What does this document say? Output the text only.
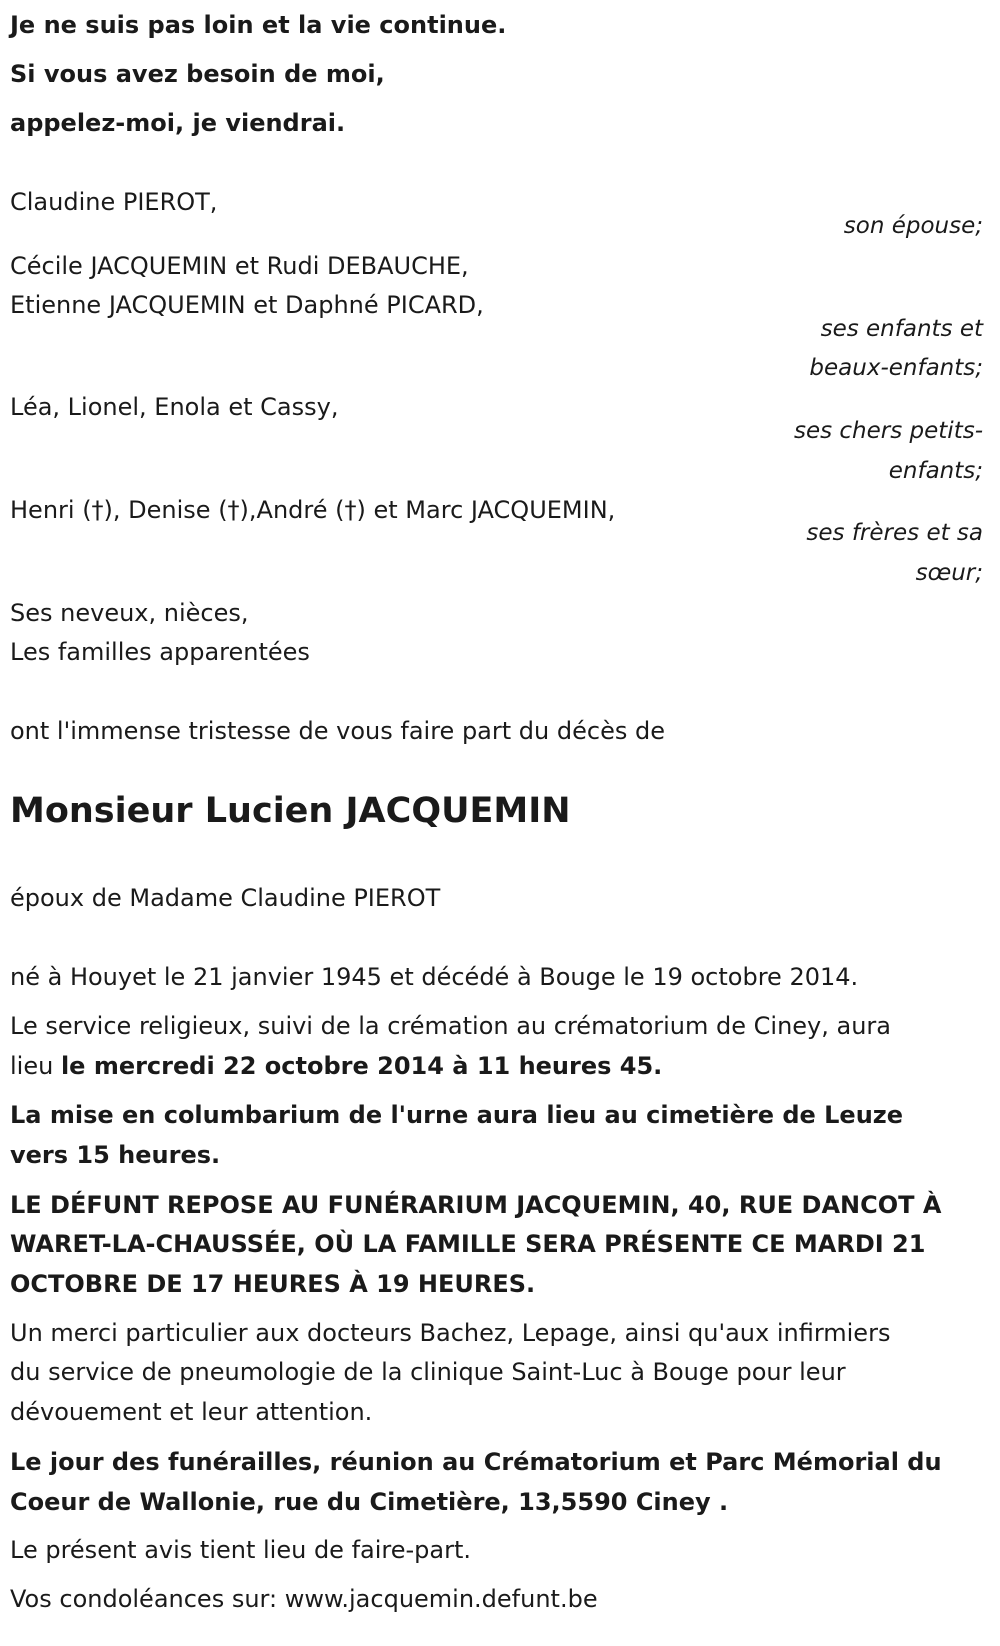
Je ne suis pas loin et la vie continue.
Si vous avez besoin de moi,
appelez-moi, je viendrai.
Claudine PIEROT,
son épouse;
Cécile JACQUEMIN et Rudi DEBAUCHE,
Etienne JACQUEMIN et Daphné PICARD,
ses enfants et
beaux-enfants;
Léa, Lionel, Enola et Cassy,
ses chers petits-
enfants;
Henri (†), Denise (†),André (†) et Marc JACQUEMIN,
ses frères et sa
sœur;
Ses neveux, nièces,
Les familles apparentées
ont l'immense tristesse de vous faire part du décès de
Monsieur Lucien JACQUEMIN
époux de Madame Claudine PIEROT
né à Houyet le 21 janvier 1945 et décédé à Bouge le 19 octobre 2014.
Le service religieux, suivi de la crémation au crématorium de Ciney, aura
lieu le mercredi 22 octobre 2014 à 11 heures 45.
La mise en columbarium de l'urne aura lieu au cimetière de Leuze
vers 15 heures.
LE DÉFUNT REPOSE AU FUNÉRARIUM JACQUEMIN, 40, RUE DANCOT À
WARET-LA-CHAUSSÉE, OÙ LA FAMILLE SERA PRÉSENTE CE MARDI 21
OCTOBRE DE 17 HEURES À 19 HEURES.
Un merci particulier aux docteurs Bachez, Lepage, ainsi qu'aux infirmiers
du service de pneumologie de la clinique Saint-Luc à Bouge pour leur
dévouement et leur attention.
Le jour des funérailles, réunion au Crématorium et Parc Mémorial du
Coeur de Wallonie, rue du Cimetière, 13,5590 Ciney .
Le présent avis tient lieu de faire-part.
Vos condoléances sur: www.jacquemin.defunt.be
